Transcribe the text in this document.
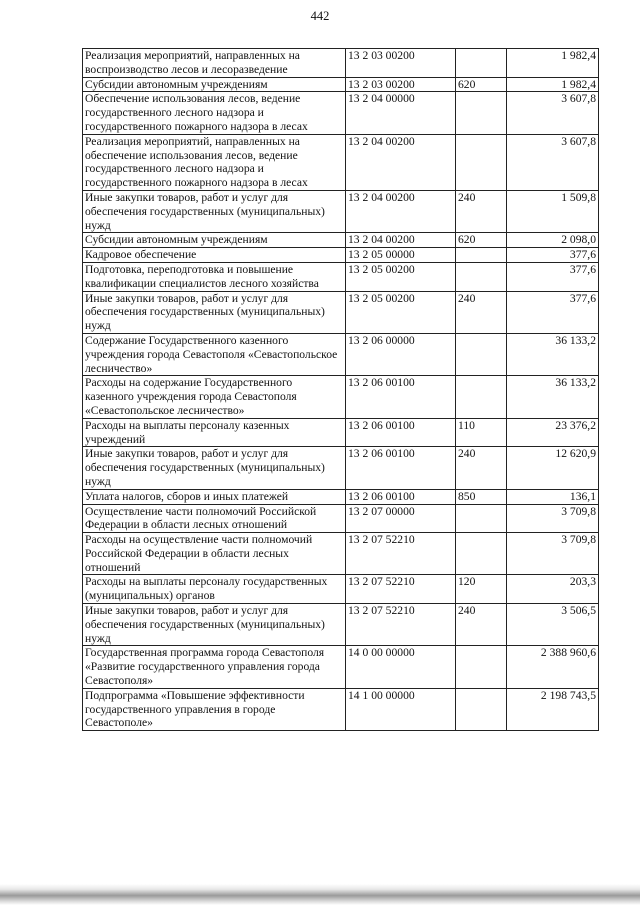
442
Реализация мероприятий, направленных на воспроизводство лесов и лесоразведение	13 2 03 00200		1 982,4
Субсидии автономным учреждениям	13 2 03 00200	620	1 982,4
Обеспечение использования лесов, ведение государственного лесного надзора и государственного пожарного надзора в лесах	13 2 04 00000		3 607,8
Реализация мероприятий, направленных на обеспечение использования лесов, ведение государственного лесного надзора и государственного пожарного надзора в лесах	13 2 04 00200		3 607,8
Иные закупки товаров, работ и услуг для обеспечения государственных (муниципальных) нужд	13 2 04 00200	240	1 509,8
Субсидии автономным учреждениям	13 2 04 00200	620	2 098,0
Кадровое обеспечение	13 2 05 00000		377,6
Подготовка, переподготовка и повышение квалификации специалистов лесного хозяйства	13 2 05 00200		377,6
Иные закупки товаров, работ и услуг для обеспечения государственных (муниципальных) нужд	13 2 05 00200	240	377,6
Содержание Государственного казенного учреждения города Севастополя «Севастопольское лесничество»	13 2 06 00000		36 133,2
Расходы на содержание Государственного казенного учреждения города Севастополя «Севастопольское лесничество»	13 2 06 00100		36 133,2
Расходы на выплаты персоналу казенных учреждений	13 2 06 00100	110	23 376,2
Иные закупки товаров, работ и услуг для обеспечения государственных (муниципальных) нужд	13 2 06 00100	240	12 620,9
Уплата налогов, сборов и иных платежей	13 2 06 00100	850	136,1
Осуществление части полномочий Российской Федерации в области лесных отношений	13 2 07 00000		3 709,8
Расходы на осуществление части полномочий Российской Федерации в области лесных отношений	13 2 07 52210		3 709,8
Расходы на выплаты персоналу государственных (муниципальных) органов	13 2 07 52210	120	203,3
Иные закупки товаров, работ и услуг для обеспечения государственных (муниципальных) нужд	13 2 07 52210	240	3 506,5
Государственная программа города Севастополя «Развитие государственного управления города Севастополя»	14 0 00 00000		2 388 960,6
Подпрограмма «Повышение эффективности государственного управления в городе Севастополе»	14 1 00 00000		2 198 743,5
